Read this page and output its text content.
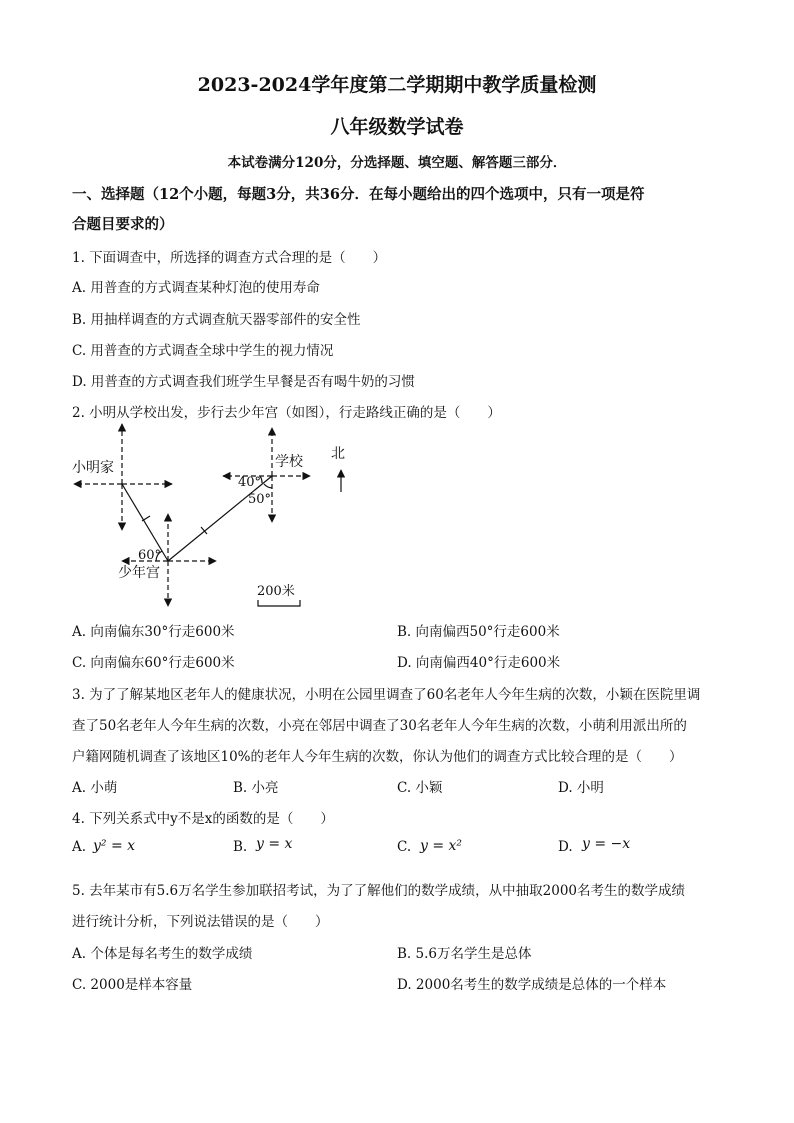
2023-2024学年度第二学期期中教学质量检测
八年级数学试卷
本试卷满分120分，分选择题、填空题、解答题三部分．
一、选择题（12个小题，每题3分，共36分．在每小题给出的四个选项中，只有一项是符
合题目要求的）
1. 下面调查中，所选择的调查方式合理的是（　　）
A. 用普查的方式调查某种灯泡的使用寿命
B. 用抽样调查的方式调查航天器零部件的安全性
C. 用普查的方式调查全球中学生的视力情况
D. 用普查的方式调查我们班学生早餐是否有喝牛奶的习惯
2. 小明从学校出发，步行去少年宫（如图），行走路线正确的是（　　）
小明家	学校
少年宫
北
40°
50°
60°
200米
A. 向南偏东30°行走600米	B. 向南偏西50°行走600米
C. 向南偏东60°行走600米	D. 向南偏西40°行走600米
3. 为了了解某地区老年人的健康状况，小明在公园里调查了60名老年人今年生病的次数，小颖在医院里调
查了50名老年人今年生病的次数，小亮在邻居中调查了30名老年人今年生病的次数，小萌利用派出所的
户籍网随机调查了该地区10%的老年人今年生病的次数，你认为他们的调查方式比较合理的是（　　）
A. 小萌	B. 小亮	C. 小颖	D. 小明
4. 下列关系式中y不是x的函数的是（　　）
A. y² = x	B. y = x	C. y = x²	D. y = −x
5. 去年某市有5.6万名学生参加联招考试，为了了解他们的数学成绩，从中抽取2000名考生的数学成绩
进行统计分析，下列说法错误的是（　　）
A. 个体是每名考生的数学成绩	B. 5.6万名学生是总体
C. 2000是样本容量	D. 2000名考生的数学成绩是总体的一个样本
